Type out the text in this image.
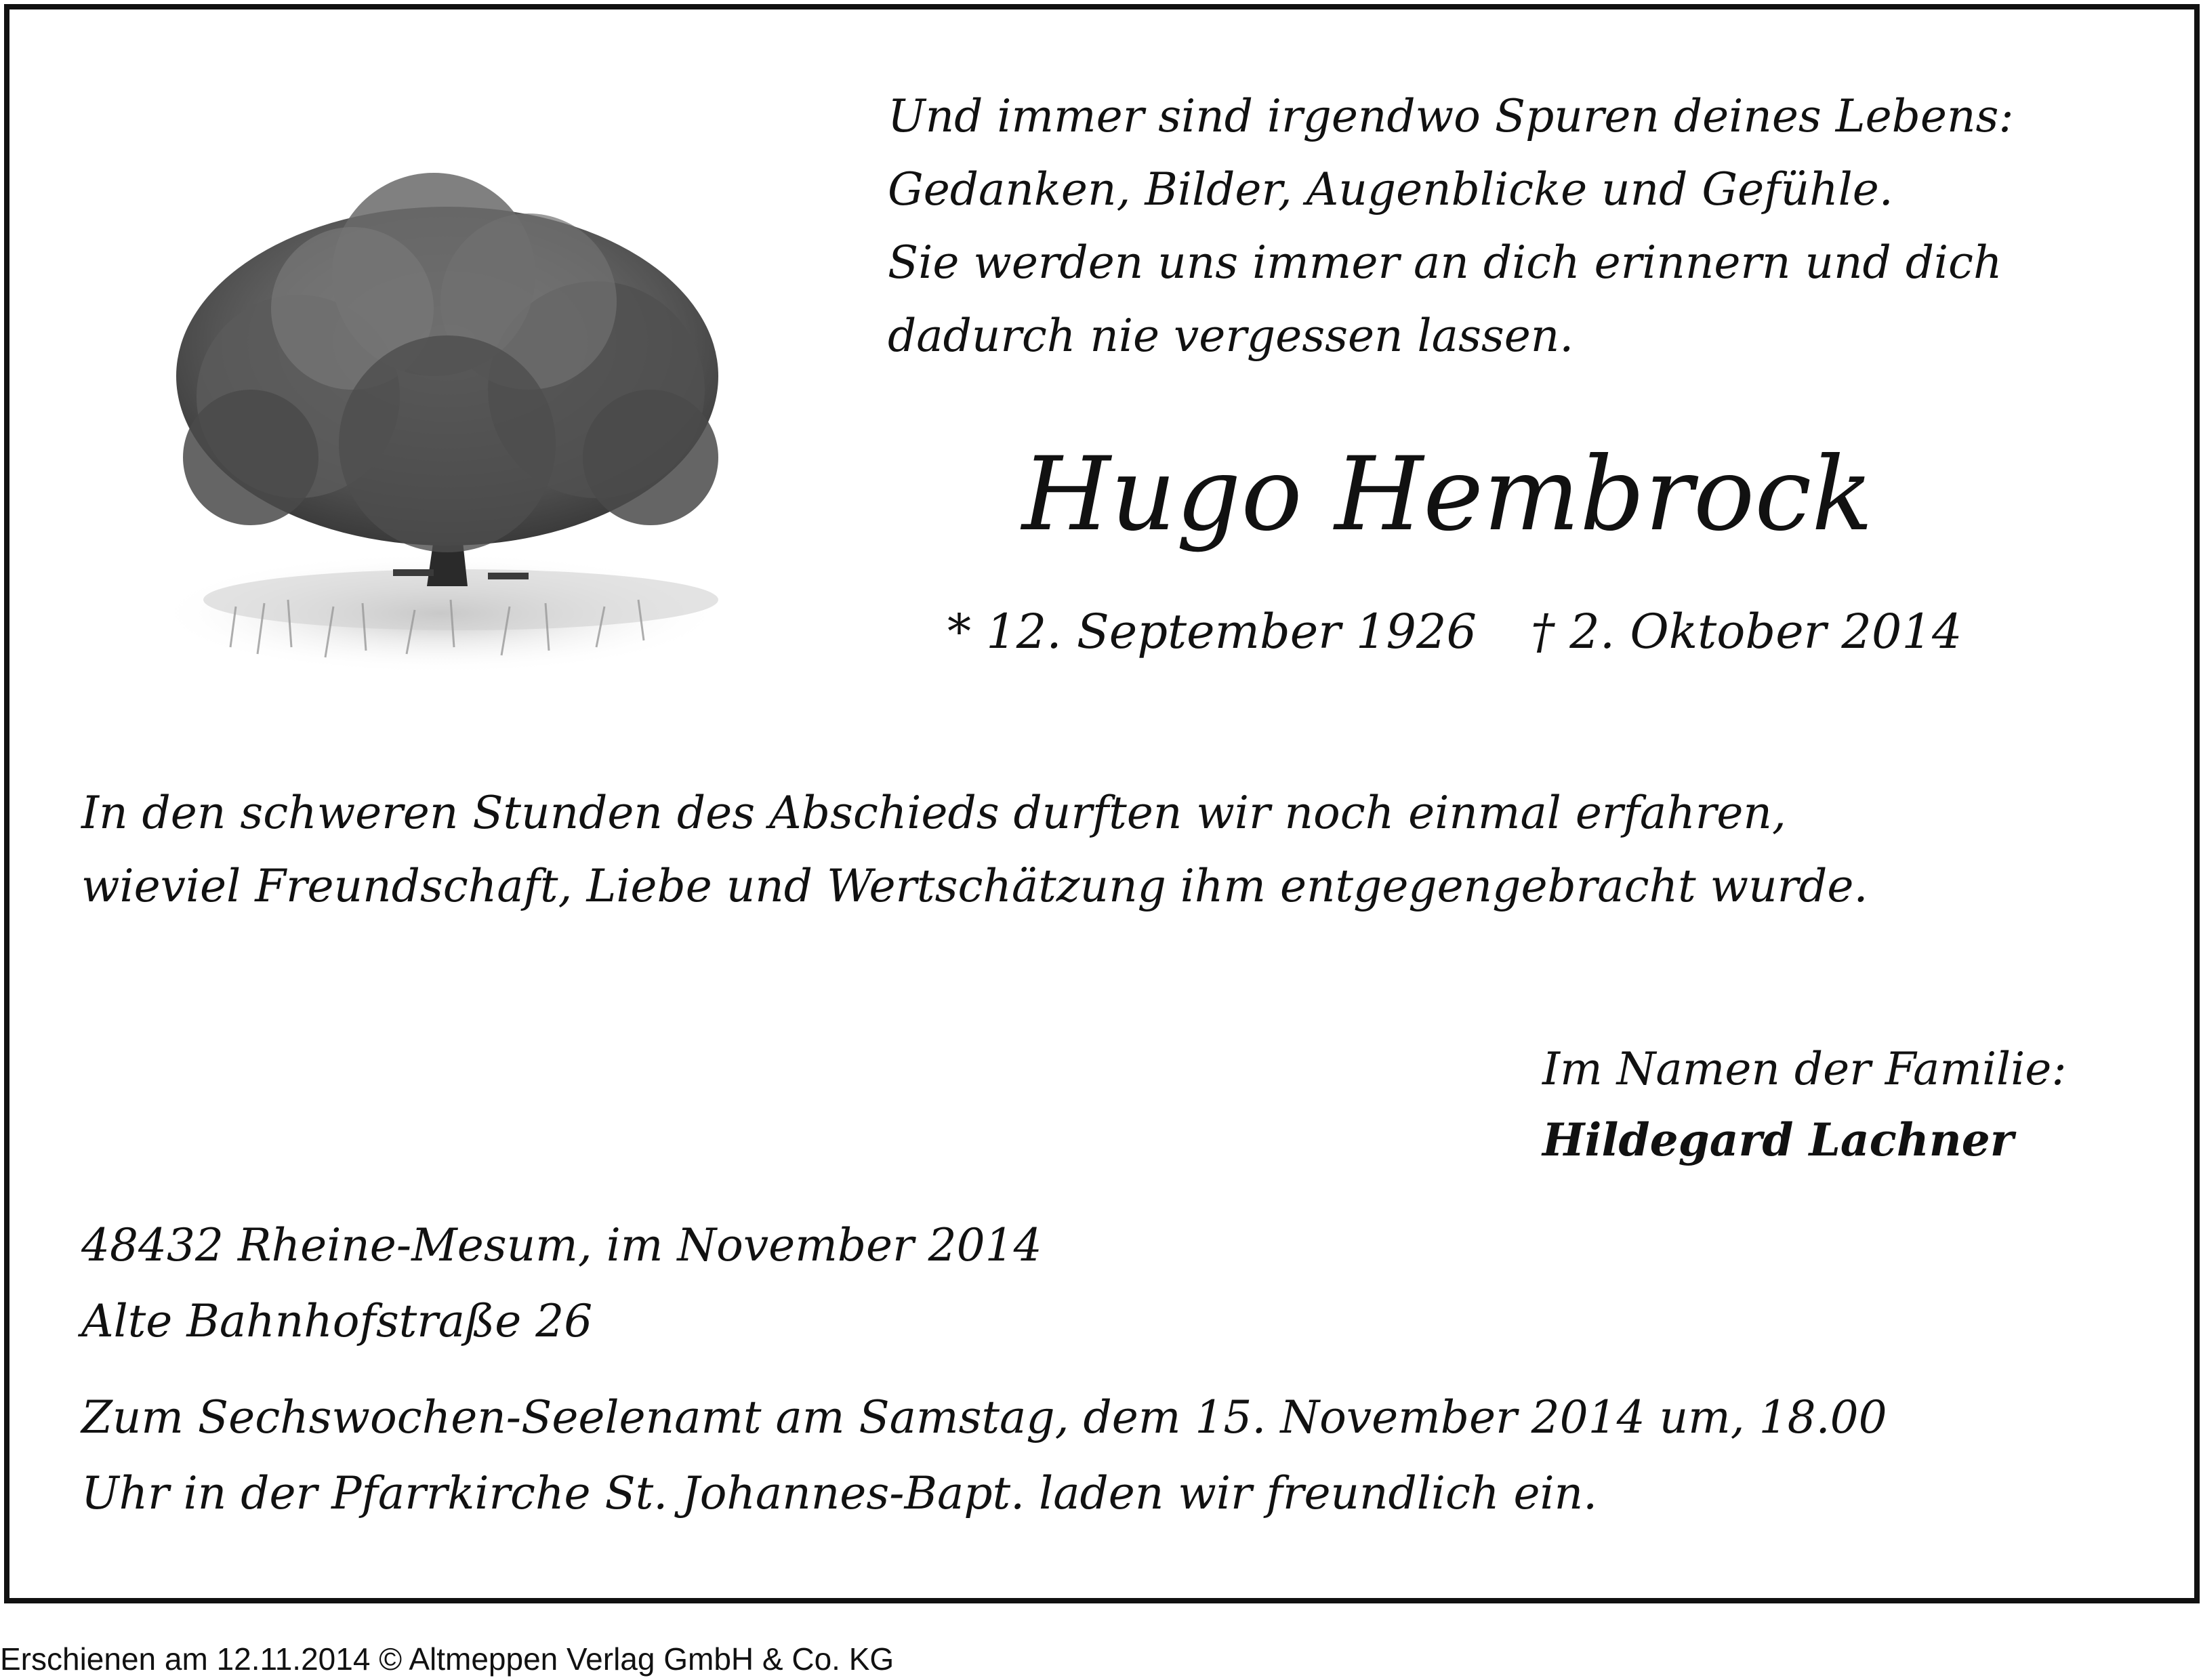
Und immer sind irgendwo Spuren deines Lebens:
Gedanken, Bilder, Augenblicke und Gefühle.
Sie werden uns immer an dich erinnern und dich
dadurch nie vergessen lassen.
Hugo Hembrock
* 12. September 1926 † 2. Oktober 2014
In den schweren Stunden des Abschieds durften wir noch einmal erfahren,
wieviel Freundschaft, Liebe und Wertschätzung ihm entgegengebracht wurde.
Im Namen der Familie:
Hildegard Lachner
48432 Rheine-Mesum, im November 2014
Alte Bahnhofstraße 26
Zum Sechswochen-Seelenamt am Samstag, dem 15. November 2014 um, 18.00
Uhr in der Pfarrkirche St. Johannes-Bapt. laden wir freundlich ein.
Erschienen am 12.11.2014 © Altmeppen Verlag GmbH & Co. KG
